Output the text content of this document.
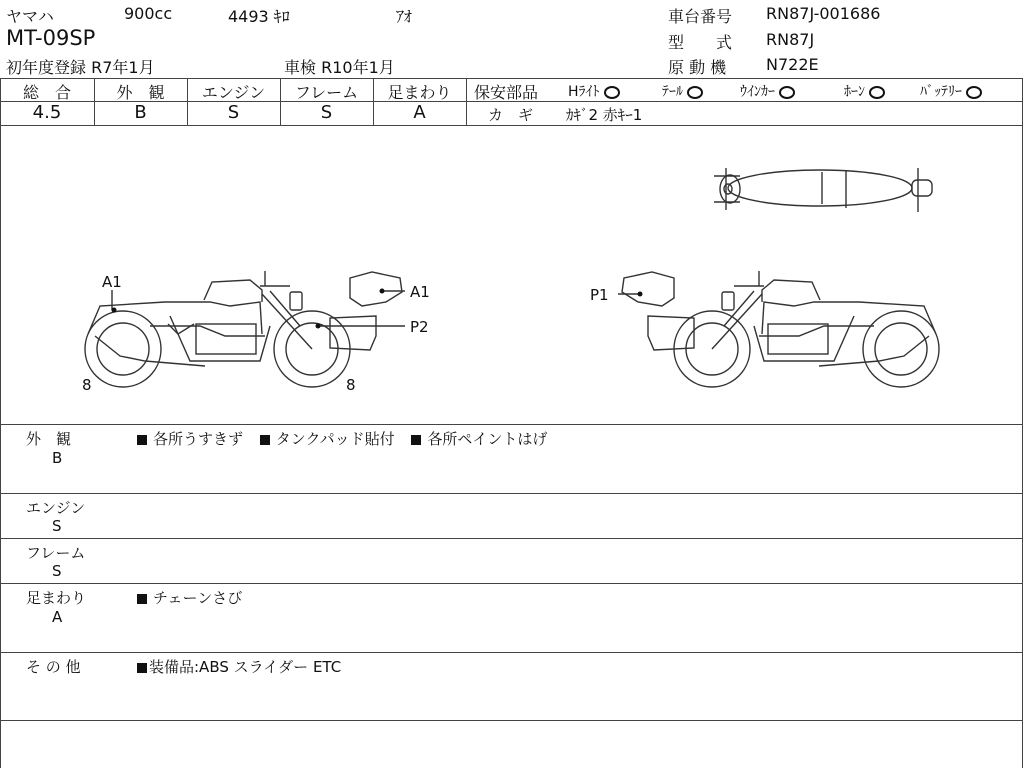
ヤマハ	900cc	4493 ｷﾛ	ｱｵ
MT-09SP
初年度登録 R7年1月	車検 R10年1月
車台番号 RN87J-001686
型　　式 RN87J
原 動 機 N722E
総　合	外　観	エンジン	フレーム	足まわり
4.5	B	S	S	A
保安部品 Hﾗｲﾄ	ﾃｰﾙ	ｳｲﾝｶｰ	ﾎｰﾝ	ﾊﾞｯﾃﾘｰ
カ　ギ ｶｷﾞ2 赤ｷｰ1
A1
A1
P2
8	8
P1
外　観
B
各所うすきず タンクパッド貼付 各所ペイントはげ
エンジン
S
フレーム
S
足まわり
A
チェーンさび
そ の 他	装備品:ABS スライダー ETC
